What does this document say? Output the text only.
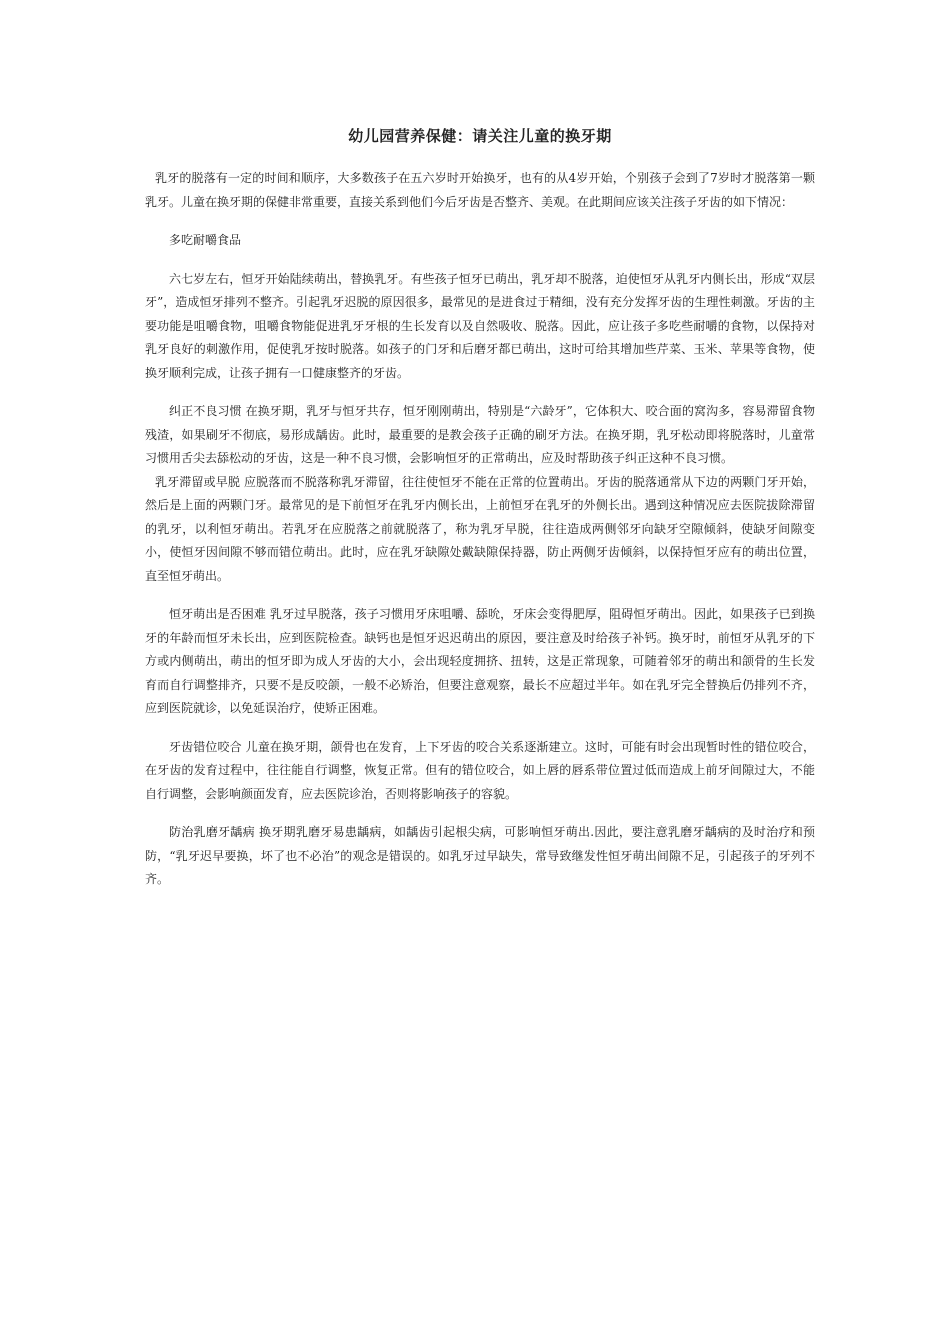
幼儿园营养保健：请关注儿童的换牙期

乳牙的脱落有一定的时间和顺序，大多数孩子在五六岁时开始换牙，也有的从4岁开始，个别孩子会到了7岁时才脱落第一颗乳牙。儿童在换牙期的保健非常重要，直接关系到他们今后牙齿是否整齐、美观。在此期间应该关注孩子牙齿的如下情况：

多吃耐嚼食品

六七岁左右，恒牙开始陆续萌出，替换乳牙。有些孩子恒牙已萌出，乳牙却不脱落，迫使恒牙从乳牙内侧长出，形成“双层牙”，造成恒牙排列不整齐。引起乳牙迟脱的原因很多，最常见的是进食过于精细，没有充分发挥牙齿的生理性刺激。牙齿的主要功能是咀嚼食物，咀嚼食物能促进乳牙牙根的生长发育以及自然吸收、脱落。因此，应让孩子多吃些耐嚼的食物，以保持对乳牙良好的刺激作用，促使乳牙按时脱落。如孩子的门牙和后磨牙都已萌出，这时可给其增加些芹菜、玉米、苹果等食物，使换牙顺利完成，让孩子拥有一口健康整齐的牙齿。

纠正不良习惯 在换牙期，乳牙与恒牙共存，恒牙刚刚萌出，特别是“六龄牙”，它体积大、咬合面的窝沟多，容易滞留食物残渣，如果刷牙不彻底，易形成龋齿。此时，最重要的是教会孩子正确的刷牙方法。在换牙期，乳牙松动即将脱落时，儿童常习惯用舌尖去舔松动的牙齿，这是一种不良习惯，会影响恒牙的正常萌出，应及时帮助孩子纠正这种不良习惯。

乳牙滞留或早脱 应脱落而不脱落称乳牙滞留，往往使恒牙不能在正常的位置萌出。牙齿的脱落通常从下边的两颗门牙开始，然后是上面的两颗门牙。最常见的是下前恒牙在乳牙内侧长出，上前恒牙在乳牙的外侧长出。遇到这种情况应去医院拔除滞留的乳牙，以利恒牙萌出。若乳牙在应脱落之前就脱落了，称为乳牙早脱，往往造成两侧邻牙向缺牙空隙倾斜，使缺牙间隙变小，使恒牙因间隙不够而错位萌出。此时，应在乳牙缺隙处戴缺隙保持器，防止两侧牙齿倾斜，以保持恒牙应有的萌出位置，直至恒牙萌出。

恒牙萌出是否困难 乳牙过早脱落，孩子习惯用牙床咀嚼、舔吮，牙床会变得肥厚，阻碍恒牙萌出。因此，如果孩子已到换牙的年龄而恒牙未长出，应到医院检查。缺钙也是恒牙迟迟萌出的原因，要注意及时给孩子补钙。换牙时，前恒牙从乳牙的下方或内侧萌出，萌出的恒牙即为成人牙齿的大小，会出现轻度拥挤、扭转，这是正常现象，可随着邻牙的萌出和颌骨的生长发育而自行调整排齐，只要不是反咬颌，一般不必矫治，但要注意观察，最长不应超过半年。如在乳牙完全替换后仍排列不齐，应到医院就诊，以免延误治疗，使矫正困难。

牙齿错位咬合 儿童在换牙期，颌骨也在发育，上下牙齿的咬合关系逐渐建立。这时，可能有时会出现暂时性的错位咬合，在牙齿的发育过程中，往往能自行调整，恢复正常。但有的错位咬合，如上唇的唇系带位置过低而造成上前牙间隙过大，不能自行调整，会影响颜面发育，应去医院诊治，否则将影响孩子的容貌。

防治乳磨牙龋病 换牙期乳磨牙易患龋病，如龋齿引起根尖病，可影响恒牙萌出.因此，要注意乳磨牙龋病的及时治疗和预防，“乳牙迟早要换，坏了也不必治”的观念是错误的。如乳牙过早缺失，常导致继发性恒牙萌出间隙不足，引起孩子的牙列不齐。
